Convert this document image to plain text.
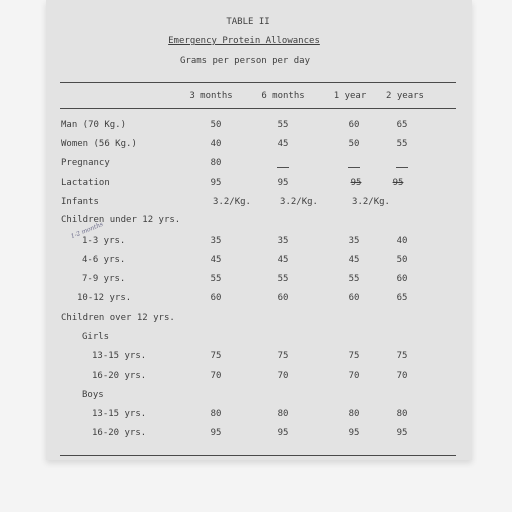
TABLE II
Emergency Protein Allowances
Grams per person per day
3 months	6 months	1 year 2 years
Man (70 Kg.)	50	55	60	65
Women (56 Kg.)	40	45	50	55
Pregnancy	80
Lactation	95	95	95	95
Infants	3.2/Kg.	3.2/Kg.	3.2/Kg.
Children under 12 yrs.
1-2 months
1-3 yrs.	35	35	35	40
4-6 yrs.	45	45	45	50
7-9 yrs.	55	55	55	60
10-12 yrs.	60	60	60	65
Children over 12 yrs.
Girls
13-15 yrs.	75	75	75	75
16-20 yrs.	70	70	70	70
Boys
13-15 yrs.	80	80	80	80
16-20 yrs.	95	95	95	95
